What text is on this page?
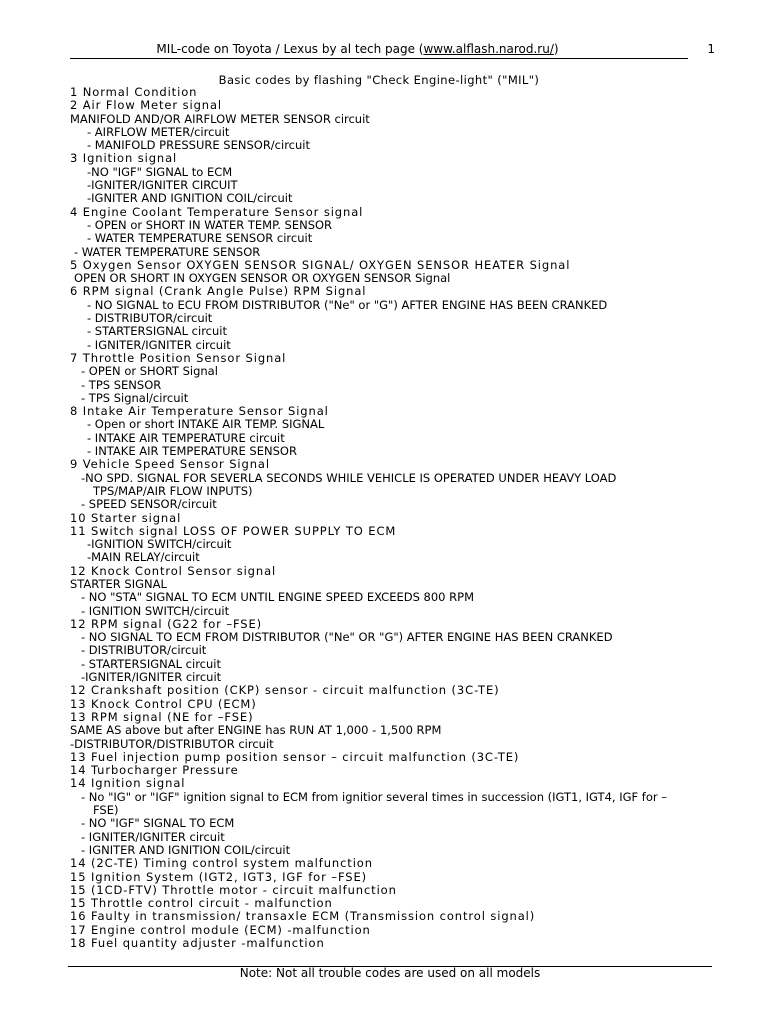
MIL-code on Toyota / Lexus by al tech page (www.alflash.narod.ru/)	1
Basic codes by flashing "Check Engine-light" ("MIL")
1 Normal Condition
2 Air Flow Meter signal
MANIFOLD AND/OR AIRFLOW METER SENSOR circuit
- AIRFLOW METER/circuit
- MANIFOLD PRESSURE SENSOR/circuit
3 Ignition signal
-NO "IGF" SIGNAL to ECM
-IGNITER/IGNITER CIRCUIT
-IGNITER AND IGNITION COIL/circuit
4 Engine Coolant Temperature Sensor signal
- OPEN or SHORT IN WATER TEMP. SENSOR
- WATER TEMPERATURE SENSOR circuit
- WATER TEMPERATURE SENSOR
5 Oxygen Sensor OXYGEN SENSOR SIGNAL/ OXYGEN SENSOR HEATER Signal
OPEN OR SHORT IN OXYGEN SENSOR OR OXYGEN SENSOR Signal
6 RPM signal (Crank Angle Pulse) RPM Signal
- NO SIGNAL to ECU FROM DISTRIBUTOR ("Ne" or "G") AFTER ENGINE HAS BEEN CRANKED
- DISTRIBUTOR/circuit
- STARTERSIGNAL circuit
- IGNITER/IGNITER circuit
7 Throttle Position Sensor Signal
- OPEN or SHORT Signal
- TPS SENSOR
- TPS Signal/circuit
8 Intake Air Temperature Sensor Signal
- Open or short INTAKE AIR TEMP. SIGNAL
- INTAKE AIR TEMPERATURE circuit
- INTAKE AIR TEMPERATURE SENSOR
9 Vehicle Speed Sensor Signal
-NO SPD. SIGNAL FOR SEVERLA SECONDS WHILE VEHICLE IS OPERATED UNDER HEAVY LOAD
TPS/MAP/AIR FLOW INPUTS)
- SPEED SENSOR/circuit
10 Starter signal
11 Switch signal LOSS OF POWER SUPPLY TO ECM
-IGNITION SWITCH/circuit
-MAIN RELAY/circuit
12 Knock Control Sensor signal
STARTER SIGNAL
- NO "STA" SIGNAL TO ECM UNTIL ENGINE SPEED EXCEEDS 800 RPM
- IGNITION SWITCH/circuit
12 RPM signal (G22 for –FSE)
- NO SIGNAL TO ECM FROM DISTRIBUTOR ("Ne" OR "G") AFTER ENGINE HAS BEEN CRANKED
- DISTRIBUTOR/circuit
- STARTERSIGNAL circuit
-IGNITER/IGNITER circuit
12 Crankshaft position (CKP) sensor - circuit malfunction (3C-TE)
13 Knock Control CPU (ECM)
13 RPM signal (NE for –FSE)
SAME AS above but after ENGINE has RUN AT 1,000 - 1,500 RPM
-DISTRIBUTOR/DISTRIBUTOR circuit
13 Fuel injection pump position sensor – circuit malfunction (3C-TE)
14 Turbocharger Pressure
14 Ignition signal
- No "IG" or "IGF" ignition signal to ECM from ignitior several times in succession (IGT1, IGT4, IGF for –
FSE)
- NO "IGF" SIGNAL TO ECM
- IGNITER/IGNITER circuit
- IGNITER AND IGNITION COIL/circuit
14 (2C-TE) Timing control system malfunction
15 Ignition System (IGT2, IGT3, IGF for –FSE)
15 (1CD-FTV) Throttle motor - circuit malfunction
15 Throttle control circuit - malfunction
16 Faulty in transmission/ transaxle ECM (Transmission control signal)
17 Engine control module (ECM) -malfunction
18 Fuel quantity adjuster -malfunction
Note: Not all trouble codes are used on all models
